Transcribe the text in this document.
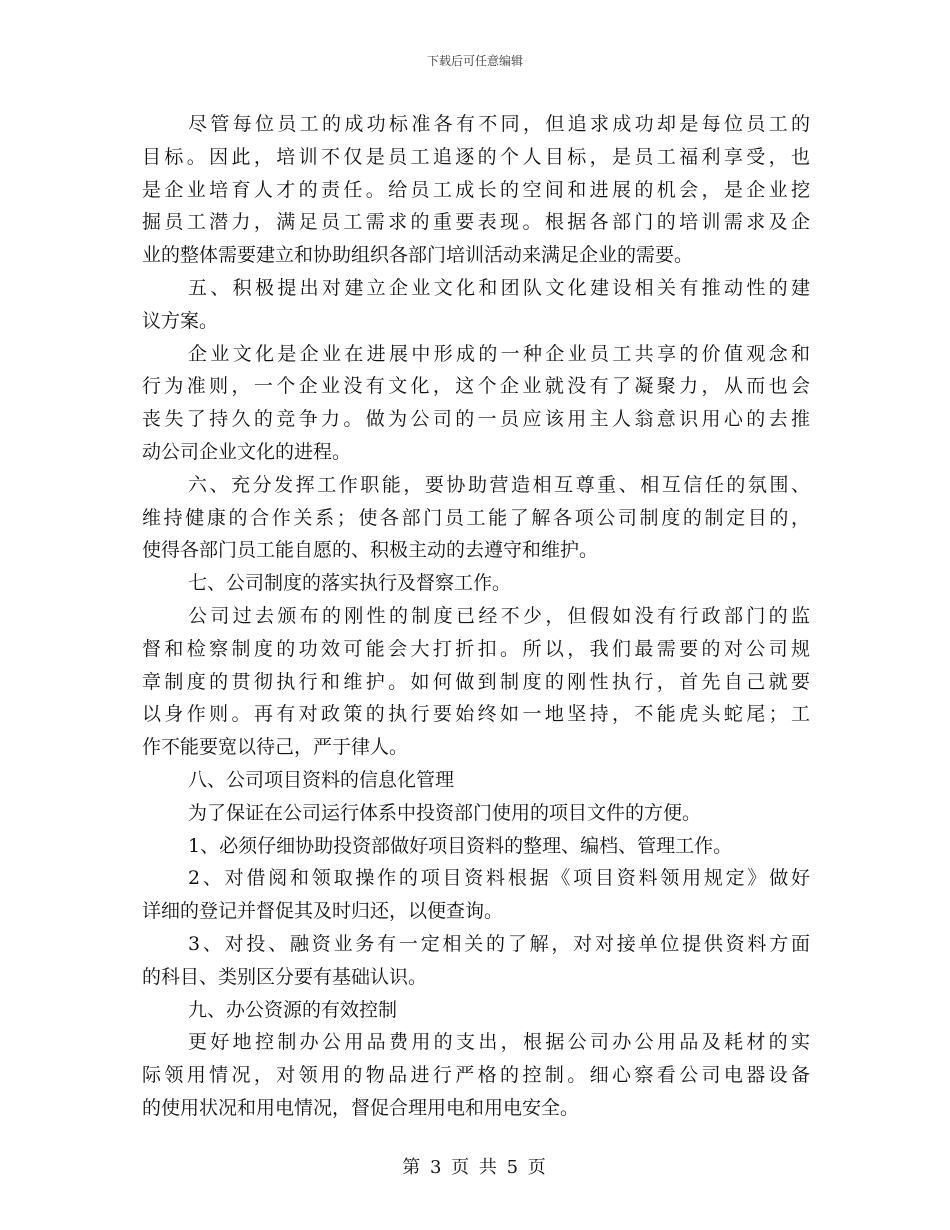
下载后可任意编辑
尽管每位员工的成功标准各有不同，但追求成功却是每位员工的
目标。因此，培训不仅是员工追逐的个人目标，是员工福利享受，也
是企业培育人才的责任。给员工成长的空间和进展的机会，是企业挖
掘员工潜力，满足员工需求的重要表现。根据各部门的培训需求及企
业的整体需要建立和协助组织各部门培训活动来满足企业的需要。
五、积极提出对建立企业文化和团队文化建设相关有推动性的建
议方案。
企业文化是企业在进展中形成的一种企业员工共享的价值观念和
行为准则，一个企业没有文化，这个企业就没有了凝聚力，从而也会
丧失了持久的竞争力。做为公司的一员应该用主人翁意识用心的去推
动公司企业文化的进程。
六、充分发挥工作职能，要协助营造相互尊重、相互信任的氛围、
维持健康的合作关系；使各部门员工能了解各项公司制度的制定目的，
使得各部门员工能自愿的、积极主动的去遵守和维护。
七、公司制度的落实执行及督察工作。
公司过去颁布的刚性的制度已经不少，但假如没有行政部门的监
督和检察制度的功效可能会大打折扣。所以，我们最需要的对公司规
章制度的贯彻执行和维护。如何做到制度的刚性执行，首先自己就要
以身作则。再有对政策的执行要始终如一地坚持，不能虎头蛇尾；工
作不能要宽以待己，严于律人。
八、公司项目资料的信息化管理
为了保证在公司运行体系中投资部门使用的项目文件的方便。
1、必须仔细协助投资部做好项目资料的整理、编档、管理工作。
2、对借阅和领取操作的项目资料根据《项目资料领用规定》做好
详细的登记并督促其及时归还，以便查询。
3、对投、融资业务有一定相关的了解，对对接单位提供资料方面
的科目、类别区分要有基础认识。
九、办公资源的有效控制
更好地控制办公用品费用的支出，根据公司办公用品及耗材的实
际领用情况，对领用的物品进行严格的控制。细心察看公司电器设备
的使用状况和用电情况，督促合理用电和用电安全。
第 3 页 共 5 页
